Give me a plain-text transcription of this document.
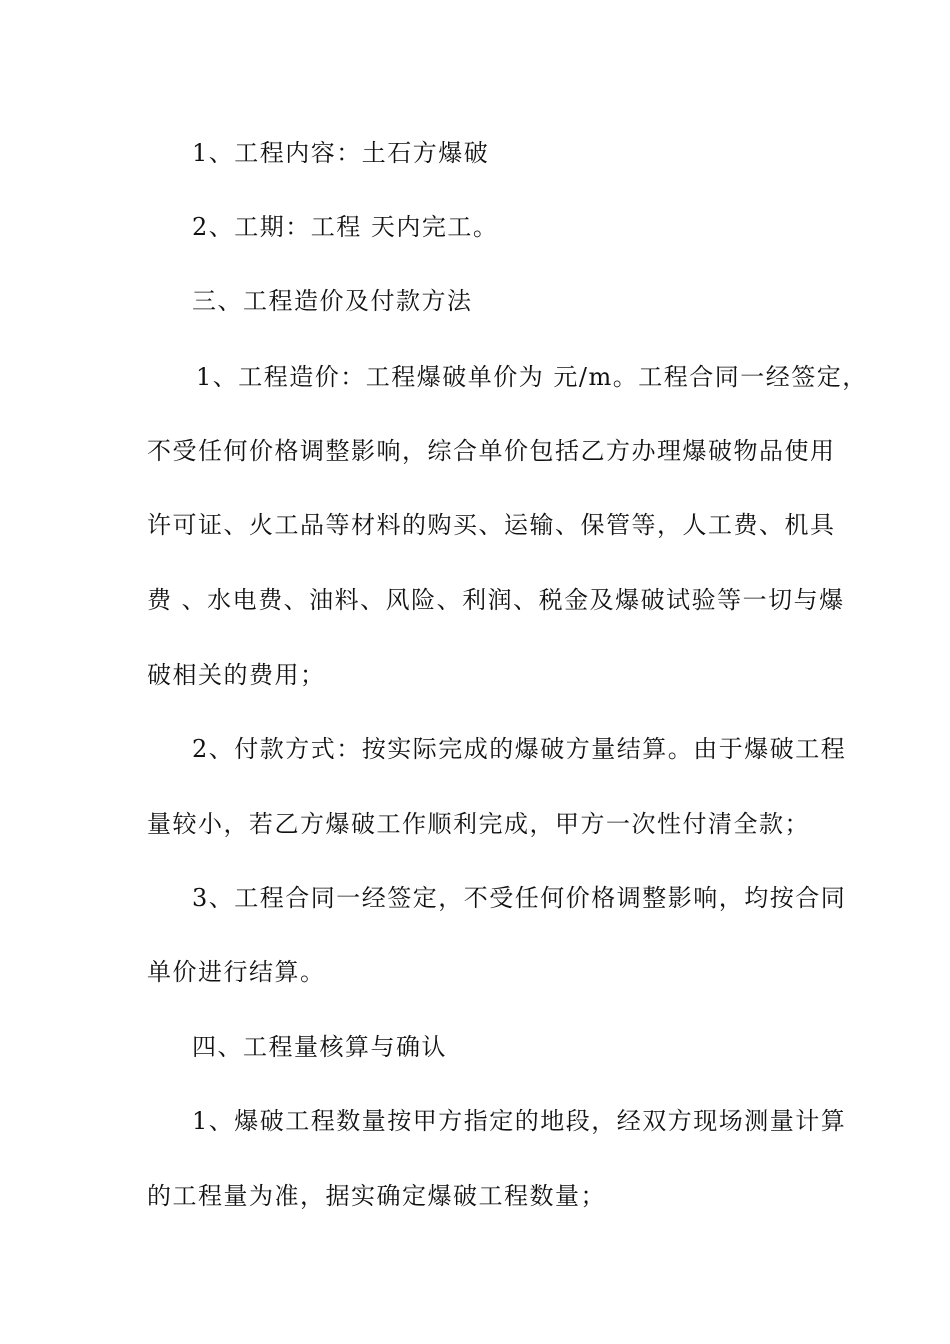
1、工程内容：土石方爆破
2、工期：工程 天内完工。
三、工程造价及付款方法
1、工程造价：工程爆破单价为 元/m。工程合同一经签定，
不受任何价格调整影响，综合单价包括乙方办理爆破物品使用
许可证、火工品等材料的购买、运输、保管等，人工费、机具
费 、水电费、油料、风险、利润、税金及爆破试验等一切与爆
破相关的费用；
2、付款方式：按实际完成的爆破方量结算。由于爆破工程
量较小，若乙方爆破工作顺利完成，甲方一次性付清全款；
3、工程合同一经签定，不受任何价格调整影响，均按合同
单价进行结算。
四、工程量核算与确认
1、爆破工程数量按甲方指定的地段，经双方现场测量计算
的工程量为准，据实确定爆破工程数量；
